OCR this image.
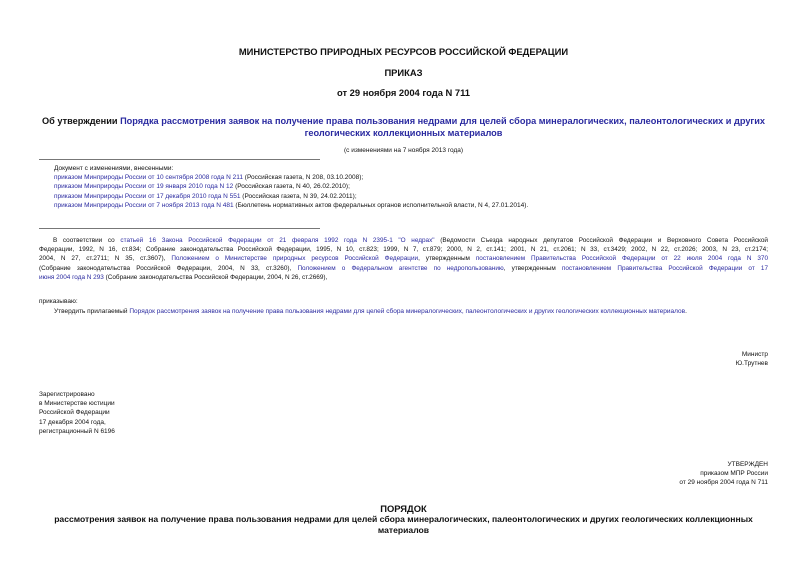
МИНИСТЕРСТВО ПРИРОДНЫХ РЕСУРСОВ РОССИЙСКОЙ ФЕДЕРАЦИИ
ПРИКАЗ
от 29 ноября 2004 года N 711
Об утверждении Порядка рассмотрения заявок на получение права пользования недрами для целей сбора минералогических, палеонтологических и других
геологических коллекционных материалов
(с изменениями на 7 ноября 2013 года)
Документ с изменениями, внесенными:
приказом Минприроды России от 10 сентября 2008 года N 211 (Российская газета, N 208, 03.10.2008);
приказом Минприроды России от 19 января 2010 года N 12 (Российская газета, N 40, 26.02.2010);
приказом Минприроды России от 17 декабря 2010 года N 551 (Российская газета, N 39, 24.02.2011);
приказом Минприроды России от 7 ноября 2013 года N 481 (Бюллетень нормативных актов федеральных органов исполнительной власти, N 4, 27.01.2014).
В соответствии со статьей 16 Закона Российской Федерации от 21 февраля 1992 года N 2395-1 "О недрах" (Ведомости Съезда народных депутатов Российской Федерации и Верховного Совета Российской
Федерации, 1992, N 16, ст.834; Собрание законодательства Российской Федерации, 1995, N 10, ст.823; 1999, N 7, ст.879; 2000, N 2, ст.141; 2001, N 21, ст.2061; N 33, ст.3429; 2002, N 22, ст.2026; 2003, N 23, ст.2174;
2004, N 27, ст.2711; N 35, ст.3607), Положением о Министерстве природных ресурсов Российской Федерации, утвержденным постановлением Правительства Российской Федерации от 22 июля 2004 года N 370
(Собрание законодательства Российской Федерации, 2004, N 33, ст.3260), Положением о Федеральном агентстве по недропользованию, утвержденным постановлением Правительства Российской Федерации от 17
июня 2004 года N 293 (Собрание законодательства Российской Федерации, 2004, N 26, ст.2669),
приказываю:
Утвердить прилагаемый Порядок рассмотрения заявок на получение права пользования недрами для целей сбора минералогических, палеонтологических и других геологических коллекционных материалов.
Министр
Ю.Трутнев
Зарегистрировано
в Министерстве юстиции
Российской Федерации
17 декабря 2004 года,
регистрационный N 6196
УТВЕРЖДЕН
приказом МПР России
от 29 ноября 2004 года N 711
ПОРЯДОК
рассмотрения заявок на получение права пользования недрами для целей сбора минералогических, палеонтологических и других геологических коллекционных
материалов
